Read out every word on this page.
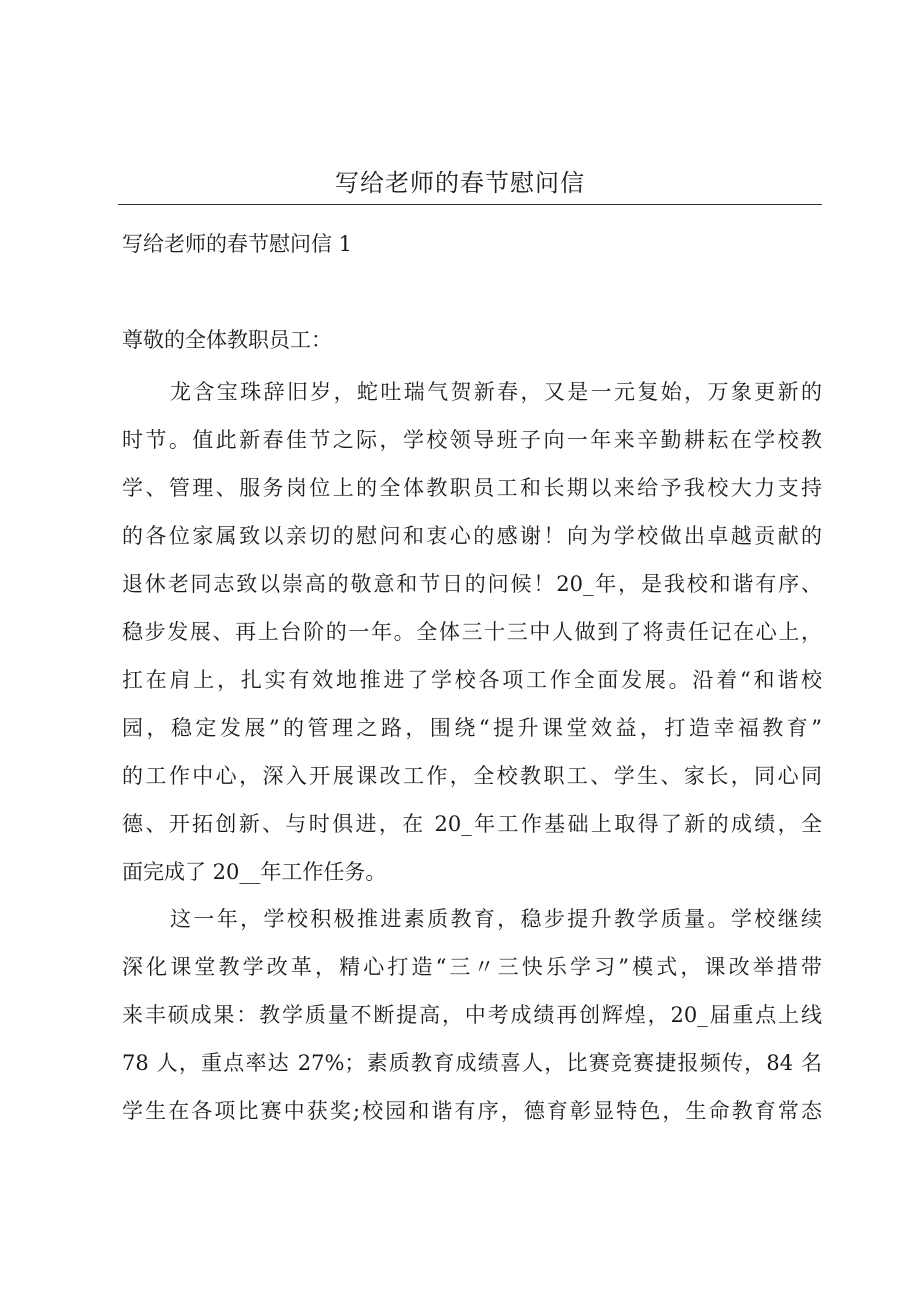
写给老师的春节慰问信
写给老师的春节慰问信 1

尊敬的全体教职员工：

龙含宝珠辞旧岁，蛇吐瑞气贺新春，又是一元复始，万象更新的
时节。值此新春佳节之际，学校领导班子向一年来辛勤耕耘在学校教
学、管理、服务岗位上的全体教职员工和长期以来给予我校大力支持
的各位家属致以亲切的慰问和衷心的感谢！向为学校做出卓越贡献的
退休老同志致以崇高的敬意和节日的问候！20_年，是我校和谐有序、
稳步发展、再上台阶的一年。全体三十三中人做到了将责任记在心上，
扛在肩上，扎实有效地推进了学校各项工作全面发展。沿着“和谐校
园，稳定发展”的管理之路，围绕“提升课堂效益，打造幸福教育”
的工作中心，深入开展课改工作，全校教职工、学生、家长，同心同
德、开拓创新、与时俱进，在 20_年工作基础上取得了新的成绩，全
面完成了 20__年工作任务。
这一年，学校积极推进素质教育，稳步提升教学质量。学校继续
深化课堂教学改革，精心打造“三〃三快乐学习”模式，课改举措带
来丰硕成果：教学质量不断提高，中考成绩再创辉煌，20_届重点上线
78 人，重点率达 27%；素质教育成绩喜人，比赛竞赛捷报频传，84 名
学生在各项比赛中获奖;校园和谐有序，德育彰显特色，生命教育常态
